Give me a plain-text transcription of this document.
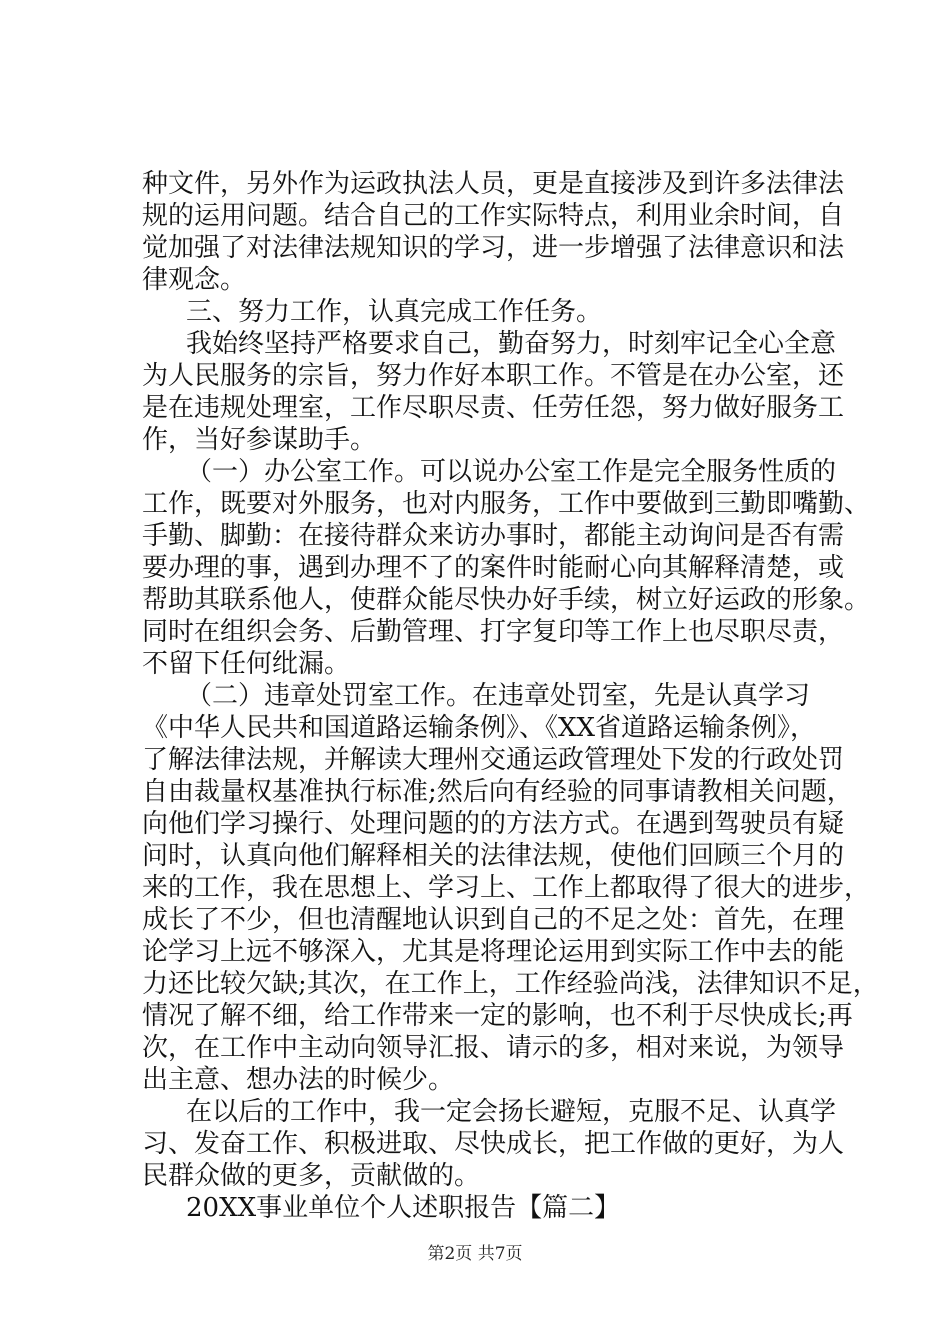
种文件，另外作为运政执法人员，更是直接涉及到许多法律法
规的运用问题。结合自己的工作实际特点，利用业余时间，自
觉加强了对法律法规知识的学习，进一步增强了法律意识和法
律观念。
三、努力工作，认真完成工作任务。
我始终坚持严格要求自己，勤奋努力，时刻牢记全心全意
为人民服务的宗旨，努力作好本职工作。不管是在办公室，还
是在违规处理室，工作尽职尽责、任劳任怨，努力做好服务工
作，当好参谋助手。
（一）办公室工作。可以说办公室工作是完全服务性质的
工作，既要对外服务，也对内服务，工作中要做到三勤即嘴勤、
手勤、脚勤：在接待群众来访办事时，都能主动询问是否有需
要办理的事，遇到办理不了的案件时能耐心向其解释清楚，或
帮助其联系他人，使群众能尽快办好手续，树立好运政的形象。
同时在组织会务、后勤管理、打字复印等工作上也尽职尽责，
不留下任何纰漏。
（二）违章处罚室工作。在违章处罚室，先是认真学习
《中华人民共和国道路运输条例》、《XX省道路运输条例》，
了解法律法规，并解读大理州交通运政管理处下发的行政处罚
自由裁量权基准执行标准;然后向有经验的同事请教相关问题，
向他们学习操行、处理问题的的方法方式。在遇到驾驶员有疑
问时，认真向他们解释相关的法律法规，使他们回顾三个月的
来的工作，我在思想上、学习上、工作上都取得了很大的进步，
成长了不少，但也清醒地认识到自己的不足之处：首先，在理
论学习上远不够深入，尤其是将理论运用到实际工作中去的能
力还比较欠缺;其次，在工作上，工作经验尚浅，法律知识不足，
情况了解不细，给工作带来一定的影响，也不利于尽快成长;再
次，在工作中主动向领导汇报、请示的多，相对来说，为领导
出主意、想办法的时候少。
在以后的工作中，我一定会扬长避短，克服不足、认真学
习、发奋工作、积极进取、尽快成长，把工作做的更好，为人
民群众做的更多，贡献做的。
20XX事业单位个人述职报告【篇二】
第2页 共7页
